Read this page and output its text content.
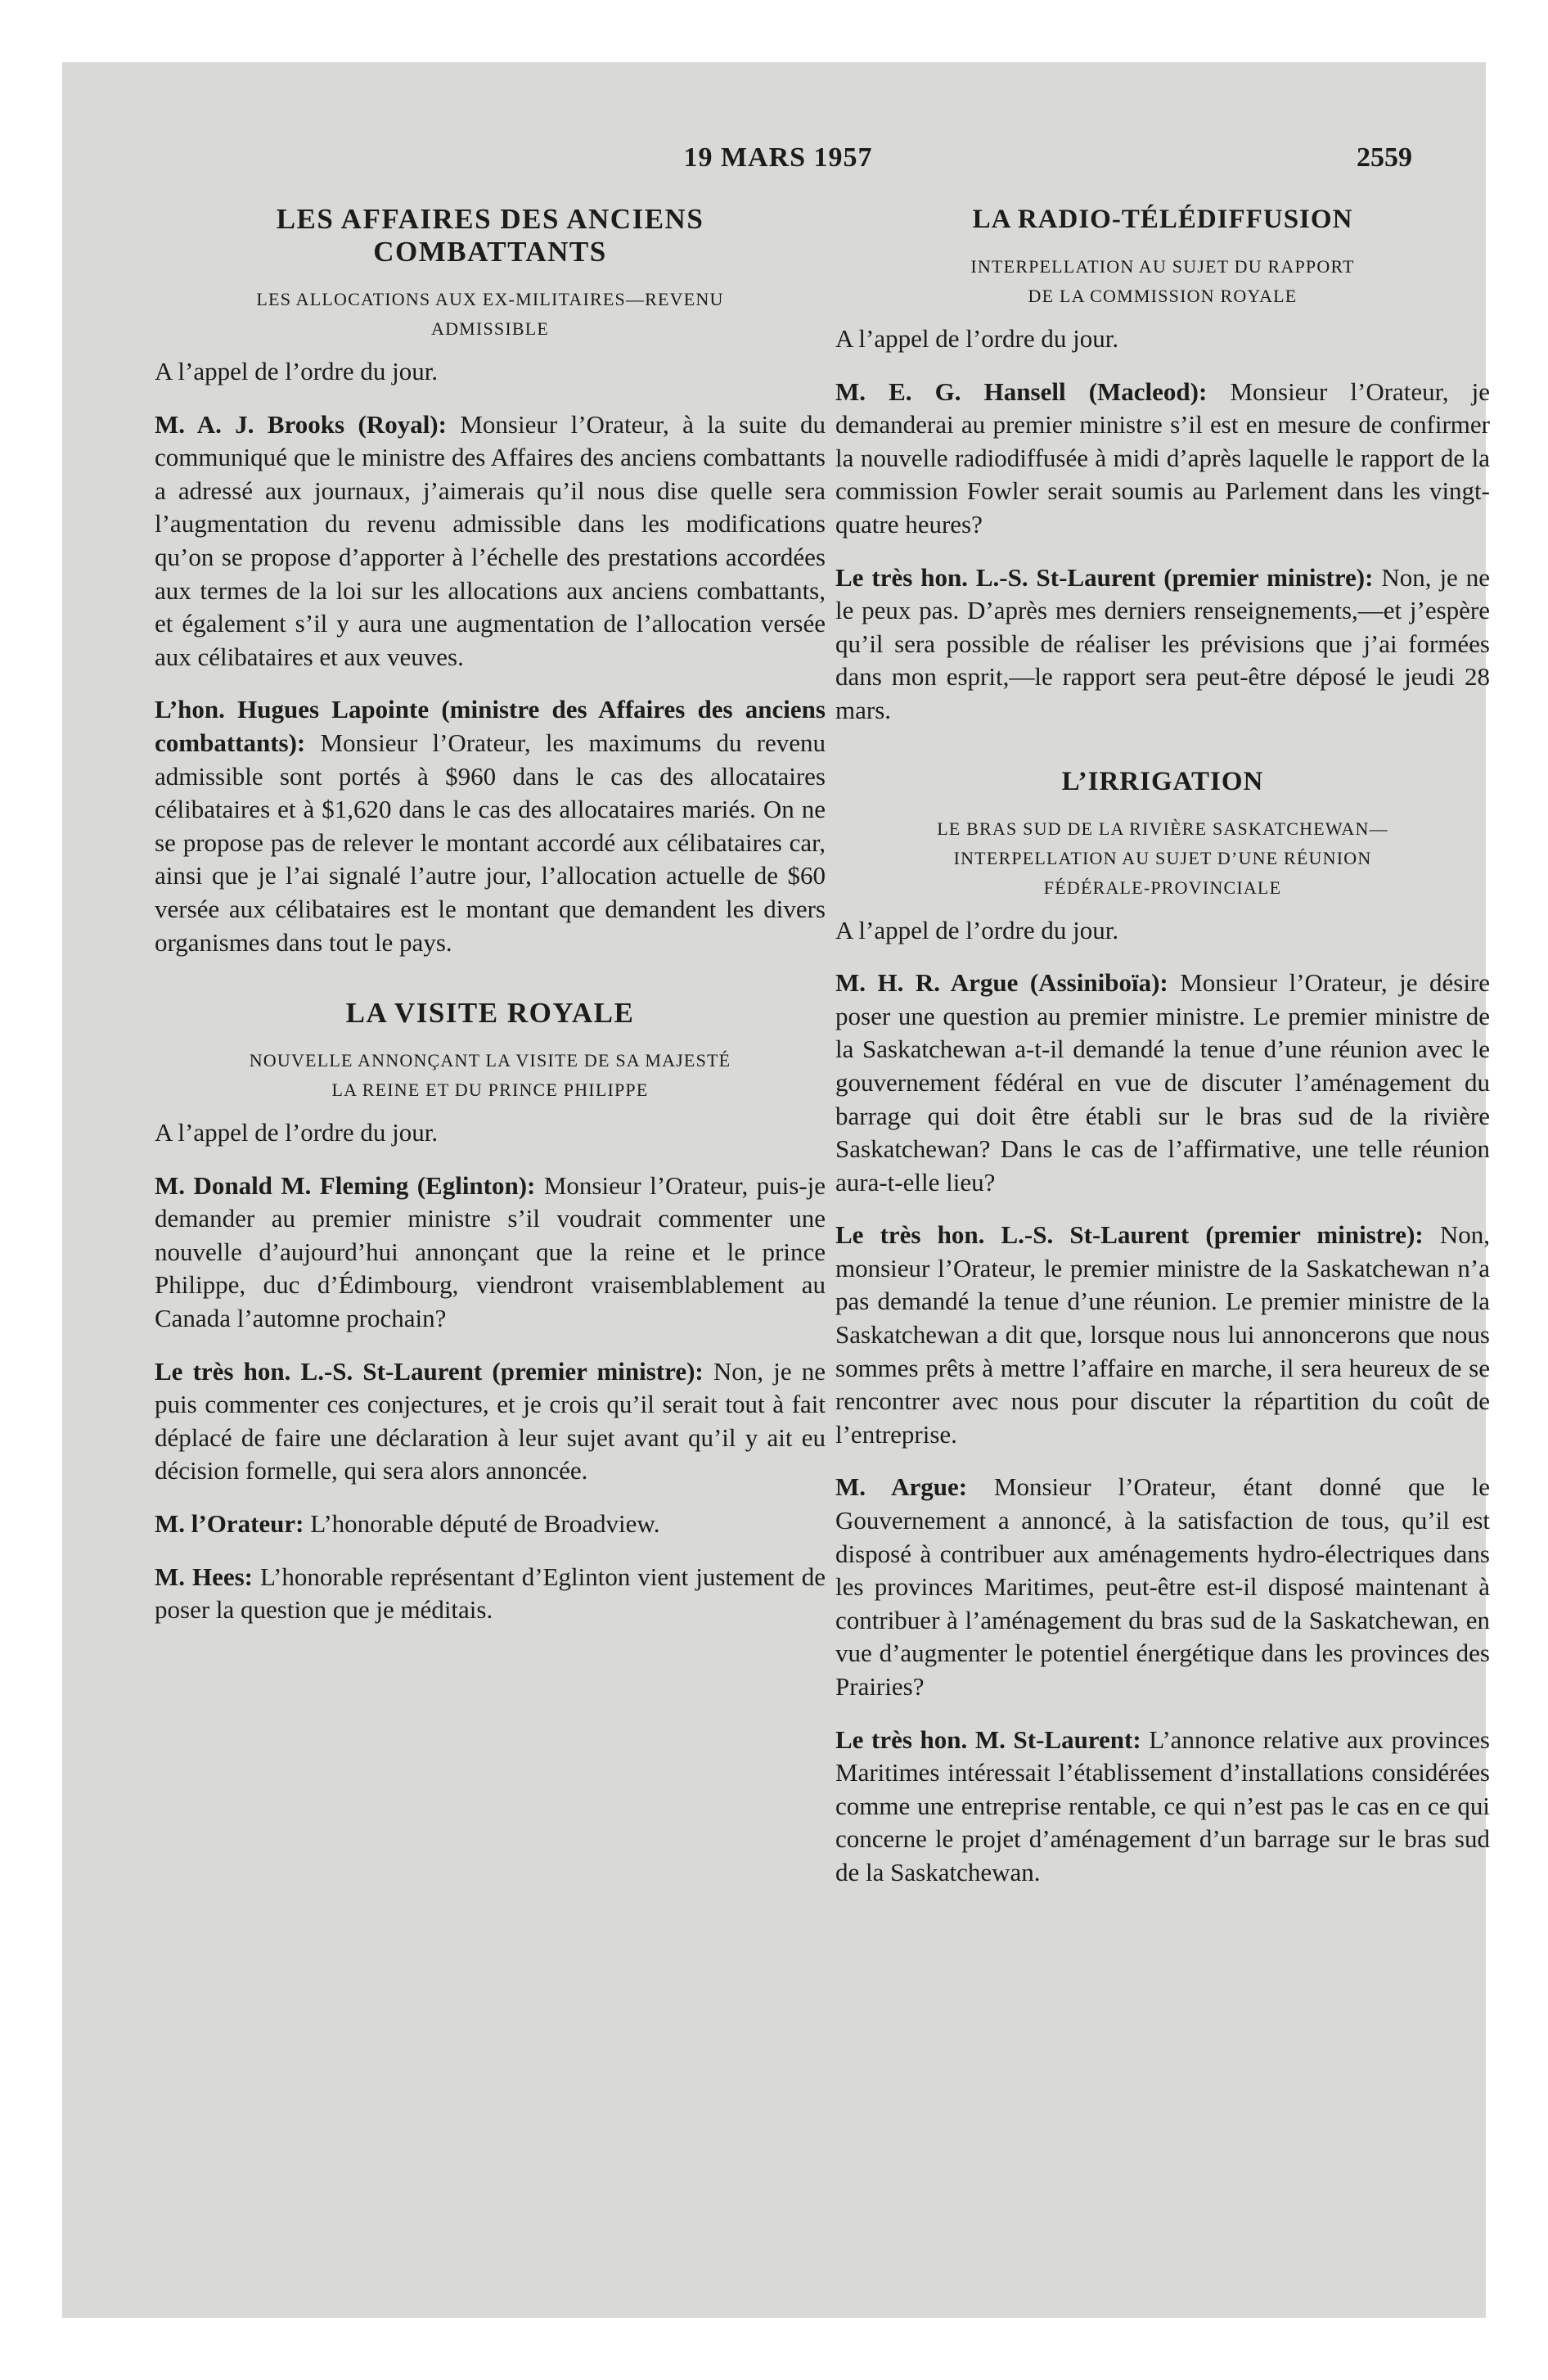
19 MARS 1957	2559
LES AFFAIRES DES ANCIENS
COMBATTANTS
LES ALLOCATIONS AUX EX-MILITAIRES—REVENU
ADMISSIBLE

A l’appel de l’ordre du jour.

M. A. J. Brooks (Royal): Monsieur l’Orateur, à la suite du communiqué que le ministre des Affaires des anciens combattants a adressé aux journaux, j’aimerais qu’il nous dise quelle sera l’augmentation du revenu admissible dans les modifications qu’on se propose d’apporter à l’échelle des prestations accordées aux termes de la loi sur les allocations aux anciens combattants, et également s’il y aura une augmentation de l’allocation versée aux célibataires et aux veuves.

L’hon. Hugues Lapointe (ministre des Affaires des anciens combattants): Monsieur l’Orateur, les maximums du revenu admissible sont portés à $960 dans le cas des allocataires célibataires et à $1,620 dans le cas des allocataires mariés. On ne se propose pas de relever le montant accordé aux célibataires car, ainsi que je l’ai signalé l’autre jour, l’allocation actuelle de $60 versée aux célibataires est le montant que demandent les divers organismes dans tout le pays.

LA VISITE ROYALE
NOUVELLE ANNONÇANT LA VISITE DE SA MAJESTÉ
LA REINE ET DU PRINCE PHILIPPE

A l’appel de l’ordre du jour.

M. Donald M. Fleming (Eglinton): Monsieur l’Orateur, puis-je demander au premier ministre s’il voudrait commenter une nouvelle d’aujourd’hui annonçant que la reine et le prince Philippe, duc d’Édimbourg, viendront vraisemblablement au Canada l’automne prochain?

Le très hon. L.-S. St-Laurent (premier ministre): Non, je ne puis commenter ces conjectures, et je crois qu’il serait tout à fait déplacé de faire une déclaration à leur sujet avant qu’il y ait eu décision formelle, qui sera alors annoncée.

M. l’Orateur: L’honorable député de Broadview.

M. Hees: L’honorable représentant d’Eglinton vient justement de poser la question que je méditais.

LA RADIO-TÉLÉDIFFUSION
INTERPELLATION AU SUJET DU RAPPORT
DE LA COMMISSION ROYALE

A l’appel de l’ordre du jour.

M. E. G. Hansell (Macleod): Monsieur l’Orateur, je demanderai au premier ministre s’il est en mesure de confirmer la nouvelle radiodiffusée à midi d’après laquelle le rapport de la commission Fowler serait soumis au Parlement dans les vingt-quatre heures?

Le très hon. L.-S. St-Laurent (premier ministre): Non, je ne le peux pas. D’après mes derniers renseignements,—et j’espère qu’il sera possible de réaliser les prévisions que j’ai formées dans mon esprit,—le rapport sera peut-être déposé le jeudi 28 mars.

L’IRRIGATION
LE BRAS SUD DE LA RIVIÈRE SASKATCHEWAN—
INTERPELLATION AU SUJET D’UNE RÉUNION
FÉDÉRALE-PROVINCIALE

A l’appel de l’ordre du jour.

M. H. R. Argue (Assiniboïa): Monsieur l’Orateur, je désire poser une question au premier ministre. Le premier ministre de la Saskatchewan a-t-il demandé la tenue d’une réunion avec le gouvernement fédéral en vue de discuter l’aménagement du barrage qui doit être établi sur le bras sud de la rivière Saskatchewan? Dans le cas de l’affirmative, une telle réunion aura-t-elle lieu?

Le très hon. L.-S. St-Laurent (premier ministre): Non, monsieur l’Orateur, le premier ministre de la Saskatchewan n’a pas demandé la tenue d’une réunion. Le premier ministre de la Saskatchewan a dit que, lorsque nous lui annoncerons que nous sommes prêts à mettre l’affaire en marche, il sera heureux de se rencontrer avec nous pour discuter la répartition du coût de l’entreprise.

M. Argue: Monsieur l’Orateur, étant donné que le Gouvernement a annoncé, à la satisfaction de tous, qu’il est disposé à contribuer aux aménagements hydro-électriques dans les provinces Maritimes, peut-être est-il disposé maintenant à contribuer à l’aménagement du bras sud de la Saskatchewan, en vue d’augmenter le potentiel énergétique dans les provinces des Prairies?

Le très hon. M. St-Laurent: L’annonce relative aux provinces Maritimes intéressait l’établissement d’installations considérées comme une entreprise rentable, ce qui n’est pas le cas en ce qui concerne le projet d’aménagement d’un barrage sur le bras sud de la Saskatchewan.
